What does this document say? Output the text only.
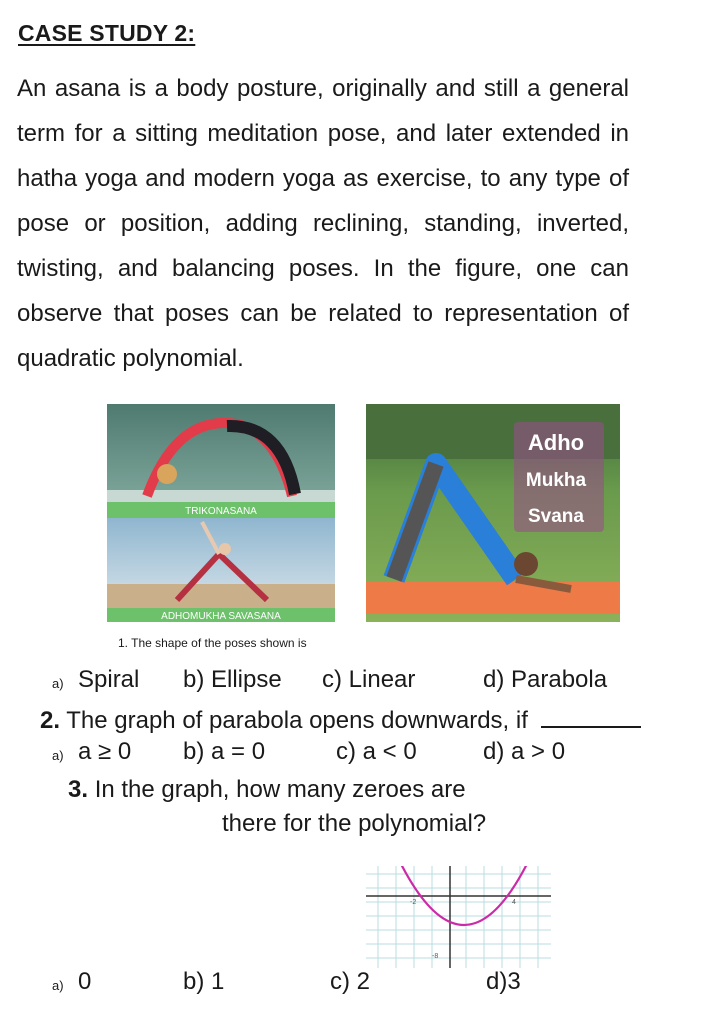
CASE STUDY 2:
An asana is a body posture, originally and still a general term for a sitting meditation pose, and later extended in hatha yoga and modern yoga as exercise, to any type of pose or position, adding reclining, standing, inverted, twisting, and balancing poses. In the figure, one can observe that poses can be related to representation of quadratic polynomial.
TRIKONASANA
ADHOMUKHA SAVASANA
Adho
Mukha
Svana
1. The shape of the poses shown is
a) Spiral b) Ellipse c) Linear	d) Parabola
2. The graph of parabola opens downwards, if
a) a ≥ 0 b) a = 0	c) a < 0	d) a > 0
3. In the graph, how many zeroes are
there for the polynomial?
-2	4
-8
a) 0	b) 1	c) 2	d)3
